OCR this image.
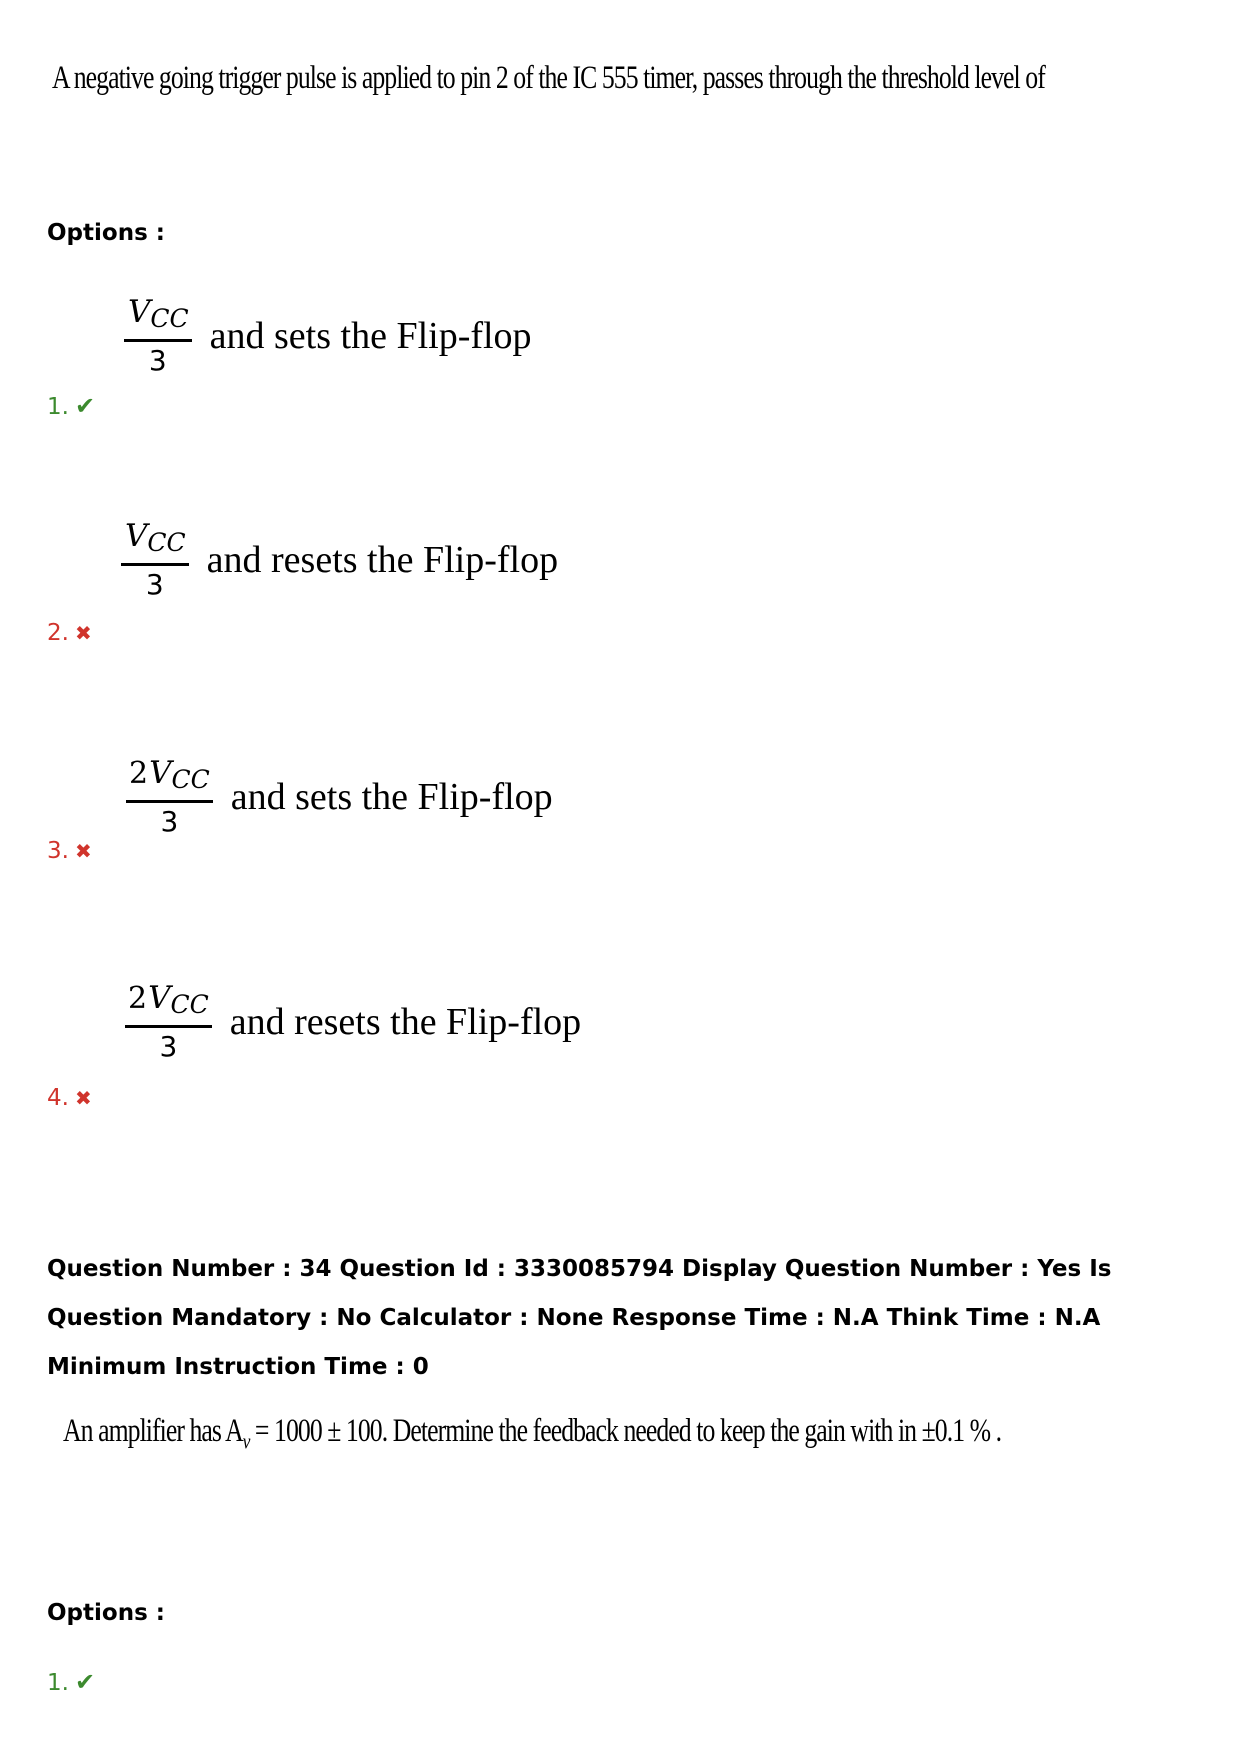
A negative going trigger pulse is applied to pin 2 of the IC 555 timer, passes through the threshold level of
Options :
$\frac{V_{CC}}{3}$ and sets the Flip-flop
1. ✔
$\frac{V_{CC}}{3}$ and resets the Flip-flop
2. ✖
$\frac{2V_{CC}}{3}$ and sets the Flip-flop
3. ✖
$\frac{2V_{CC}}{3}$ and resets the Flip-flop
4. ✖
Question Number : 34 Question Id : 3330085794 Display Question Number : Yes Is Question Mandatory : No Calculator : None Response Time : N.A Think Time : N.A Minimum Instruction Time : 0
An amplifier has $A_v = 1000 \pm 100$. Determine the feedback needed to keep the gain with in ±0.1 % .
Options :
1. ✔
